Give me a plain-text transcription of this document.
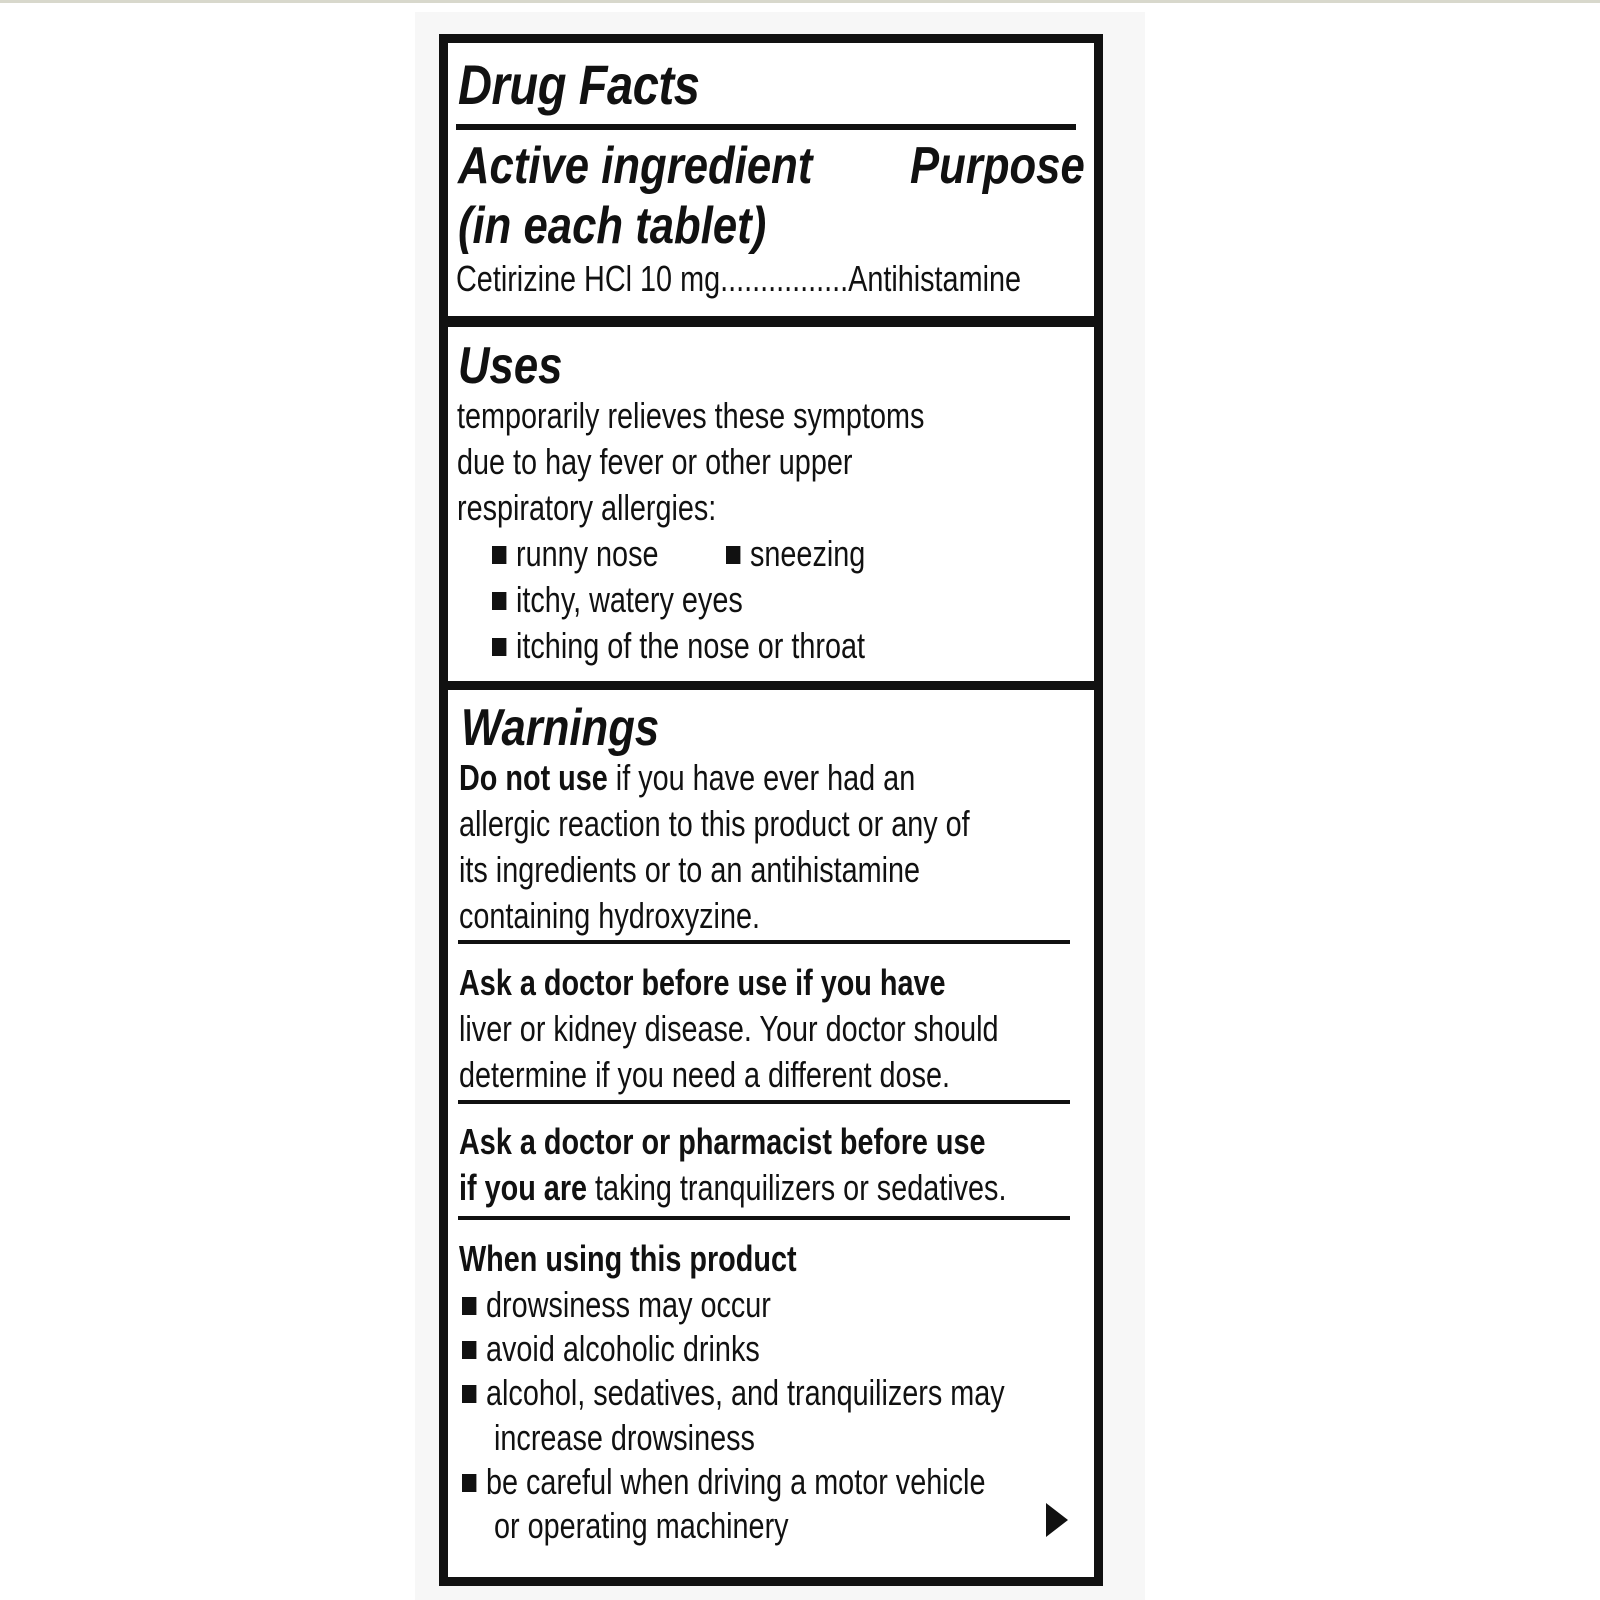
Drug Facts
Active ingredient
(in each tablet)
Purpose
Cetirizine HCl 10 mg................Antihistamine
Uses
temporarily relieves these symptoms
due to hay fever or other upper
respiratory allergies:
runny nose	sneezing
itchy, watery eyes
itching of the nose or throat
Warnings
Do not use if you have ever had an
allergic reaction to this product or any of
its ingredients or to an antihistamine
containing hydroxyzine.
Ask a doctor before use if you have
liver or kidney disease. Your doctor should
determine if you need a different dose.
Ask a doctor or pharmacist before use
if you are taking tranquilizers or sedatives.
When using this product
drowsiness may occur
avoid alcoholic drinks
alcohol, sedatives, and tranquilizers may
increase drowsiness
be careful when driving a motor vehicle
or operating machinery
